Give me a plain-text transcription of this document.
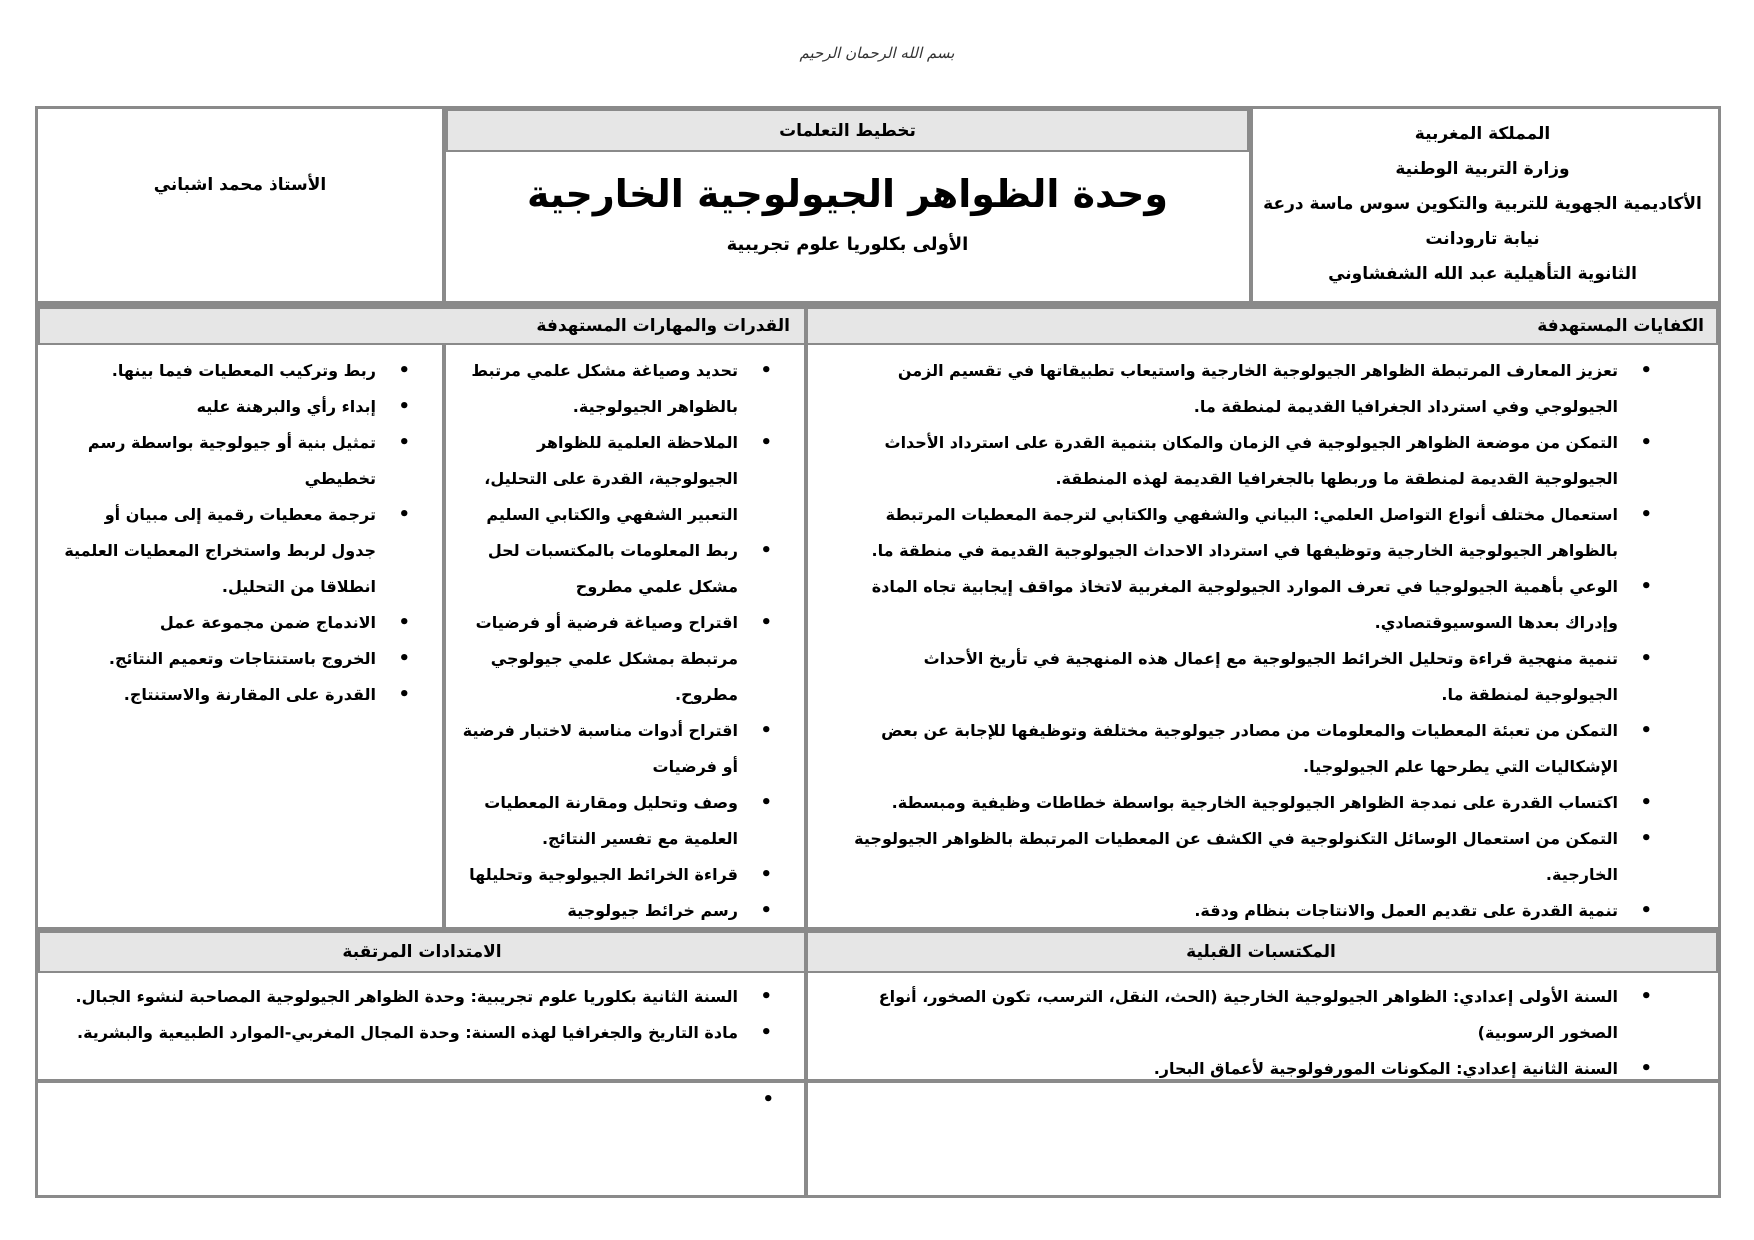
بسم الله الرحمان الرحيم
المملكة المغربية
وزارة التربية الوطنية
الأكاديمية الجهوية للتربية والتكوين سوس ماسة درعة
نيابة تارودانت
الثانوية التأهيلية عبد الله الشفشاوني
تخطيط التعلمات
وحدة الظواهر الجيولوجية الخارجية
الأولى بكلوريا علوم تجريبية
الأستاذ محمد اشباني
الكفايات المستهدفة
القدرات والمهارات المستهدفة
• تعزيز المعارف المرتبطة الظواهر الجيولوجية الخارجية واستيعاب تطبيقاتها في تقسيم الزمن الجيولوجي وفي استرداد الجغرافيا القديمة لمنطقة ما.
• التمكن من موضعة الظواهر الجيولوجية في الزمان والمكان بتنمية القدرة على استرداد الأحداث الجيولوجية القديمة لمنطقة ما وربطها بالجغرافيا القديمة لهذه المنطقة.
• استعمال مختلف أنواع التواصل العلمي: البياني والشفهي والكتابي لترجمة المعطيات المرتبطة بالظواهر الجيولوجية الخارجية وتوظيفها في استرداد الاحداث الجيولوجية القديمة في منطقة ما.
• الوعي بأهمية الجيولوجيا في تعرف الموارد الجيولوجية المغربية لاتخاذ مواقف إيجابية تجاه المادة وإدراك بعدها السوسيوقتصادي.
• تنمية منهجية قراءة وتحليل الخرائط الجيولوجية مع إعمال هذه المنهجية في تأريخ الأحداث الجيولوجية لمنطقة ما.
• التمكن من تعبئة المعطيات والمعلومات من مصادر جيولوجية مختلفة وتوظيفها للإجابة عن بعض الإشكاليات التي يطرحها علم الجيولوجيا.
• اكتساب القدرة على نمدجة الظواهر الجيولوجية الخارجية بواسطة خطاطات وظيفية ومبسطة.
• التمكن من استعمال الوسائل التكنولوجية في الكشف عن المعطيات المرتبطة بالظواهر الجيولوجية الخارجية.
• تنمية القدرة على تقديم العمل والانتاجات بنظام ودقة.
• تحديد وصياغة مشكل علمي مرتبط بالظواهر الجيولوجية.
• الملاحظة العلمية للظواهر الجيولوجية، القدرة على التحليل، التعبير الشفهي والكتابي السليم
• ربط المعلومات بالمكتسبات لحل مشكل علمي مطروح
• اقتراح وصياغة فرضية أو فرضيات مرتبطة بمشكل علمي جيولوجي مطروح.
• اقتراح أدوات مناسبة لاختبار فرضية أو فرضيات
• وصف وتحليل ومقارنة المعطيات العلمية مع تفسير النتائج.
• قراءة الخرائط الجيولوجية وتحليلها
• رسم خرائط جيولوجية
• ربط وتركيب المعطيات فيما بينها.
• إبداء رأي والبرهنة عليه
• تمثيل بنية أو جيولوجية بواسطة رسم تخطيطي
• ترجمة معطيات رقمية إلى مبيان أو جدول لربط واستخراج المعطيات العلمية انطلاقا من التحليل.
• الاندماج ضمن مجموعة عمل
• الخروج باستنتاجات وتعميم النتائج.
• القدرة على المقارنة والاستنتاج.
المكتسبات القبلية
الامتدادات المرتقبة
• السنة الأولى إعدادي: الظواهر الجيولوجية الخارجية (الحث، النقل، الترسب، تكون الصخور، أنواع الصخور الرسوبية)
• السنة الثانية إعدادي: المكونات المورفولوجية لأعماق البحار.
• السنة الثانية بكلوريا علوم تجريبية: وحدة الظواهر الجيولوجية المصاحبة لنشوء الجبال.
• مادة التاريخ والجغرافيا لهذه السنة: وحدة المجال المغربي-الموارد الطبيعية والبشرية.
•
